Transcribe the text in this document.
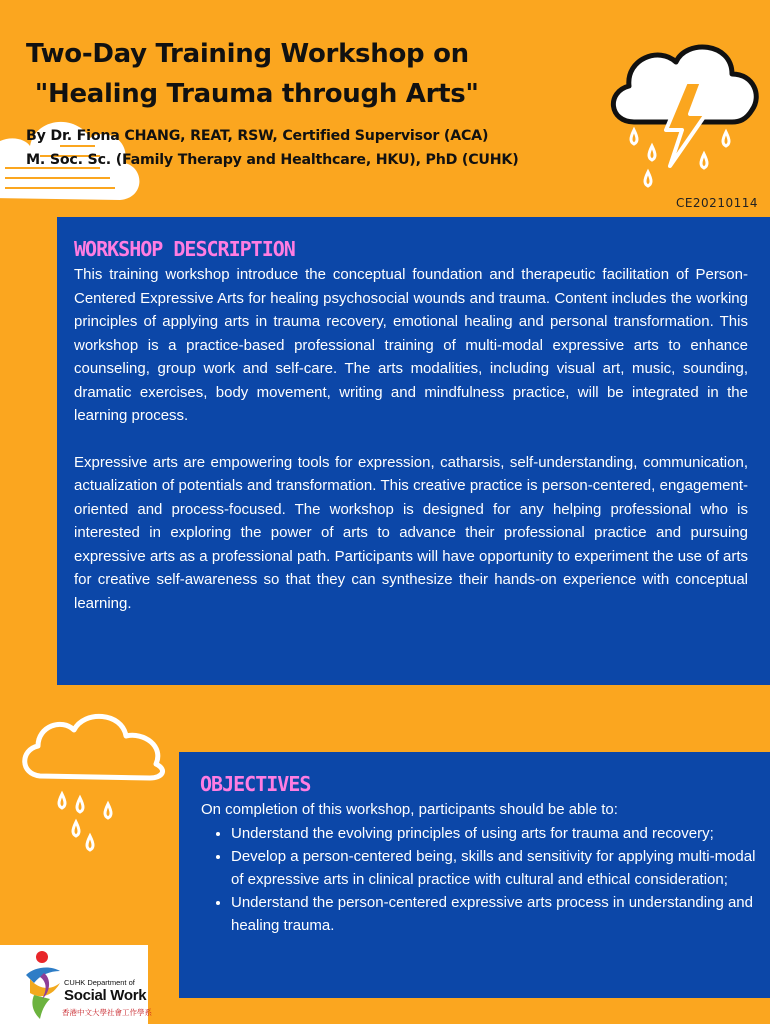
Two-Day Training Workshop on
"Healing Trauma through Arts"
By Dr. Fiona CHANG, REAT, RSW, Certified Supervisor (ACA)
M. Soc. Sc. (Family Therapy and Healthcare, HKU), PhD (CUHK)
CE20210114
WORKSHOP DESCRIPTION

This training workshop introduce the conceptual foundation and therapeutic facilitation of Person-Centered Expressive Arts for healing psychosocial wounds and trauma. Content includes the working principles of applying arts in trauma recovery, emotional healing and personal transformation. This workshop is a practice-based professional training of multi-modal expressive arts to enhance counseling, group work and self-care. The arts modalities, including visual art, music, sounding, dramatic exercises, body movement, writing and mindfulness practice, will be integrated in the learning process.

Expressive arts are empowering tools for expression, catharsis, self-understanding, communication, actualization of potentials and transformation. This creative practice is person-centered, engagement-oriented and process-focused. The workshop is designed for any helping professional who is interested in exploring the power of arts to advance their professional practice and pursuing expressive arts as a professional path. Participants will have opportunity to experiment the use of arts for creative self-awareness so that they can synthesize their hands-on experience with conceptual learning.

OBJECTIVES
On completion of this workshop, participants should be able to:
• Understand the evolving principles of using arts for trauma and recovery;
• Develop a person-centered being, skills and sensitivity for applying multi-modal of expressive arts in clinical practice with cultural and ethical consideration;
• Understand the person-centered expressive arts process in understanding and healing trauma.
CUHK Department of
Social Work
香港中文大學社會工作學系
